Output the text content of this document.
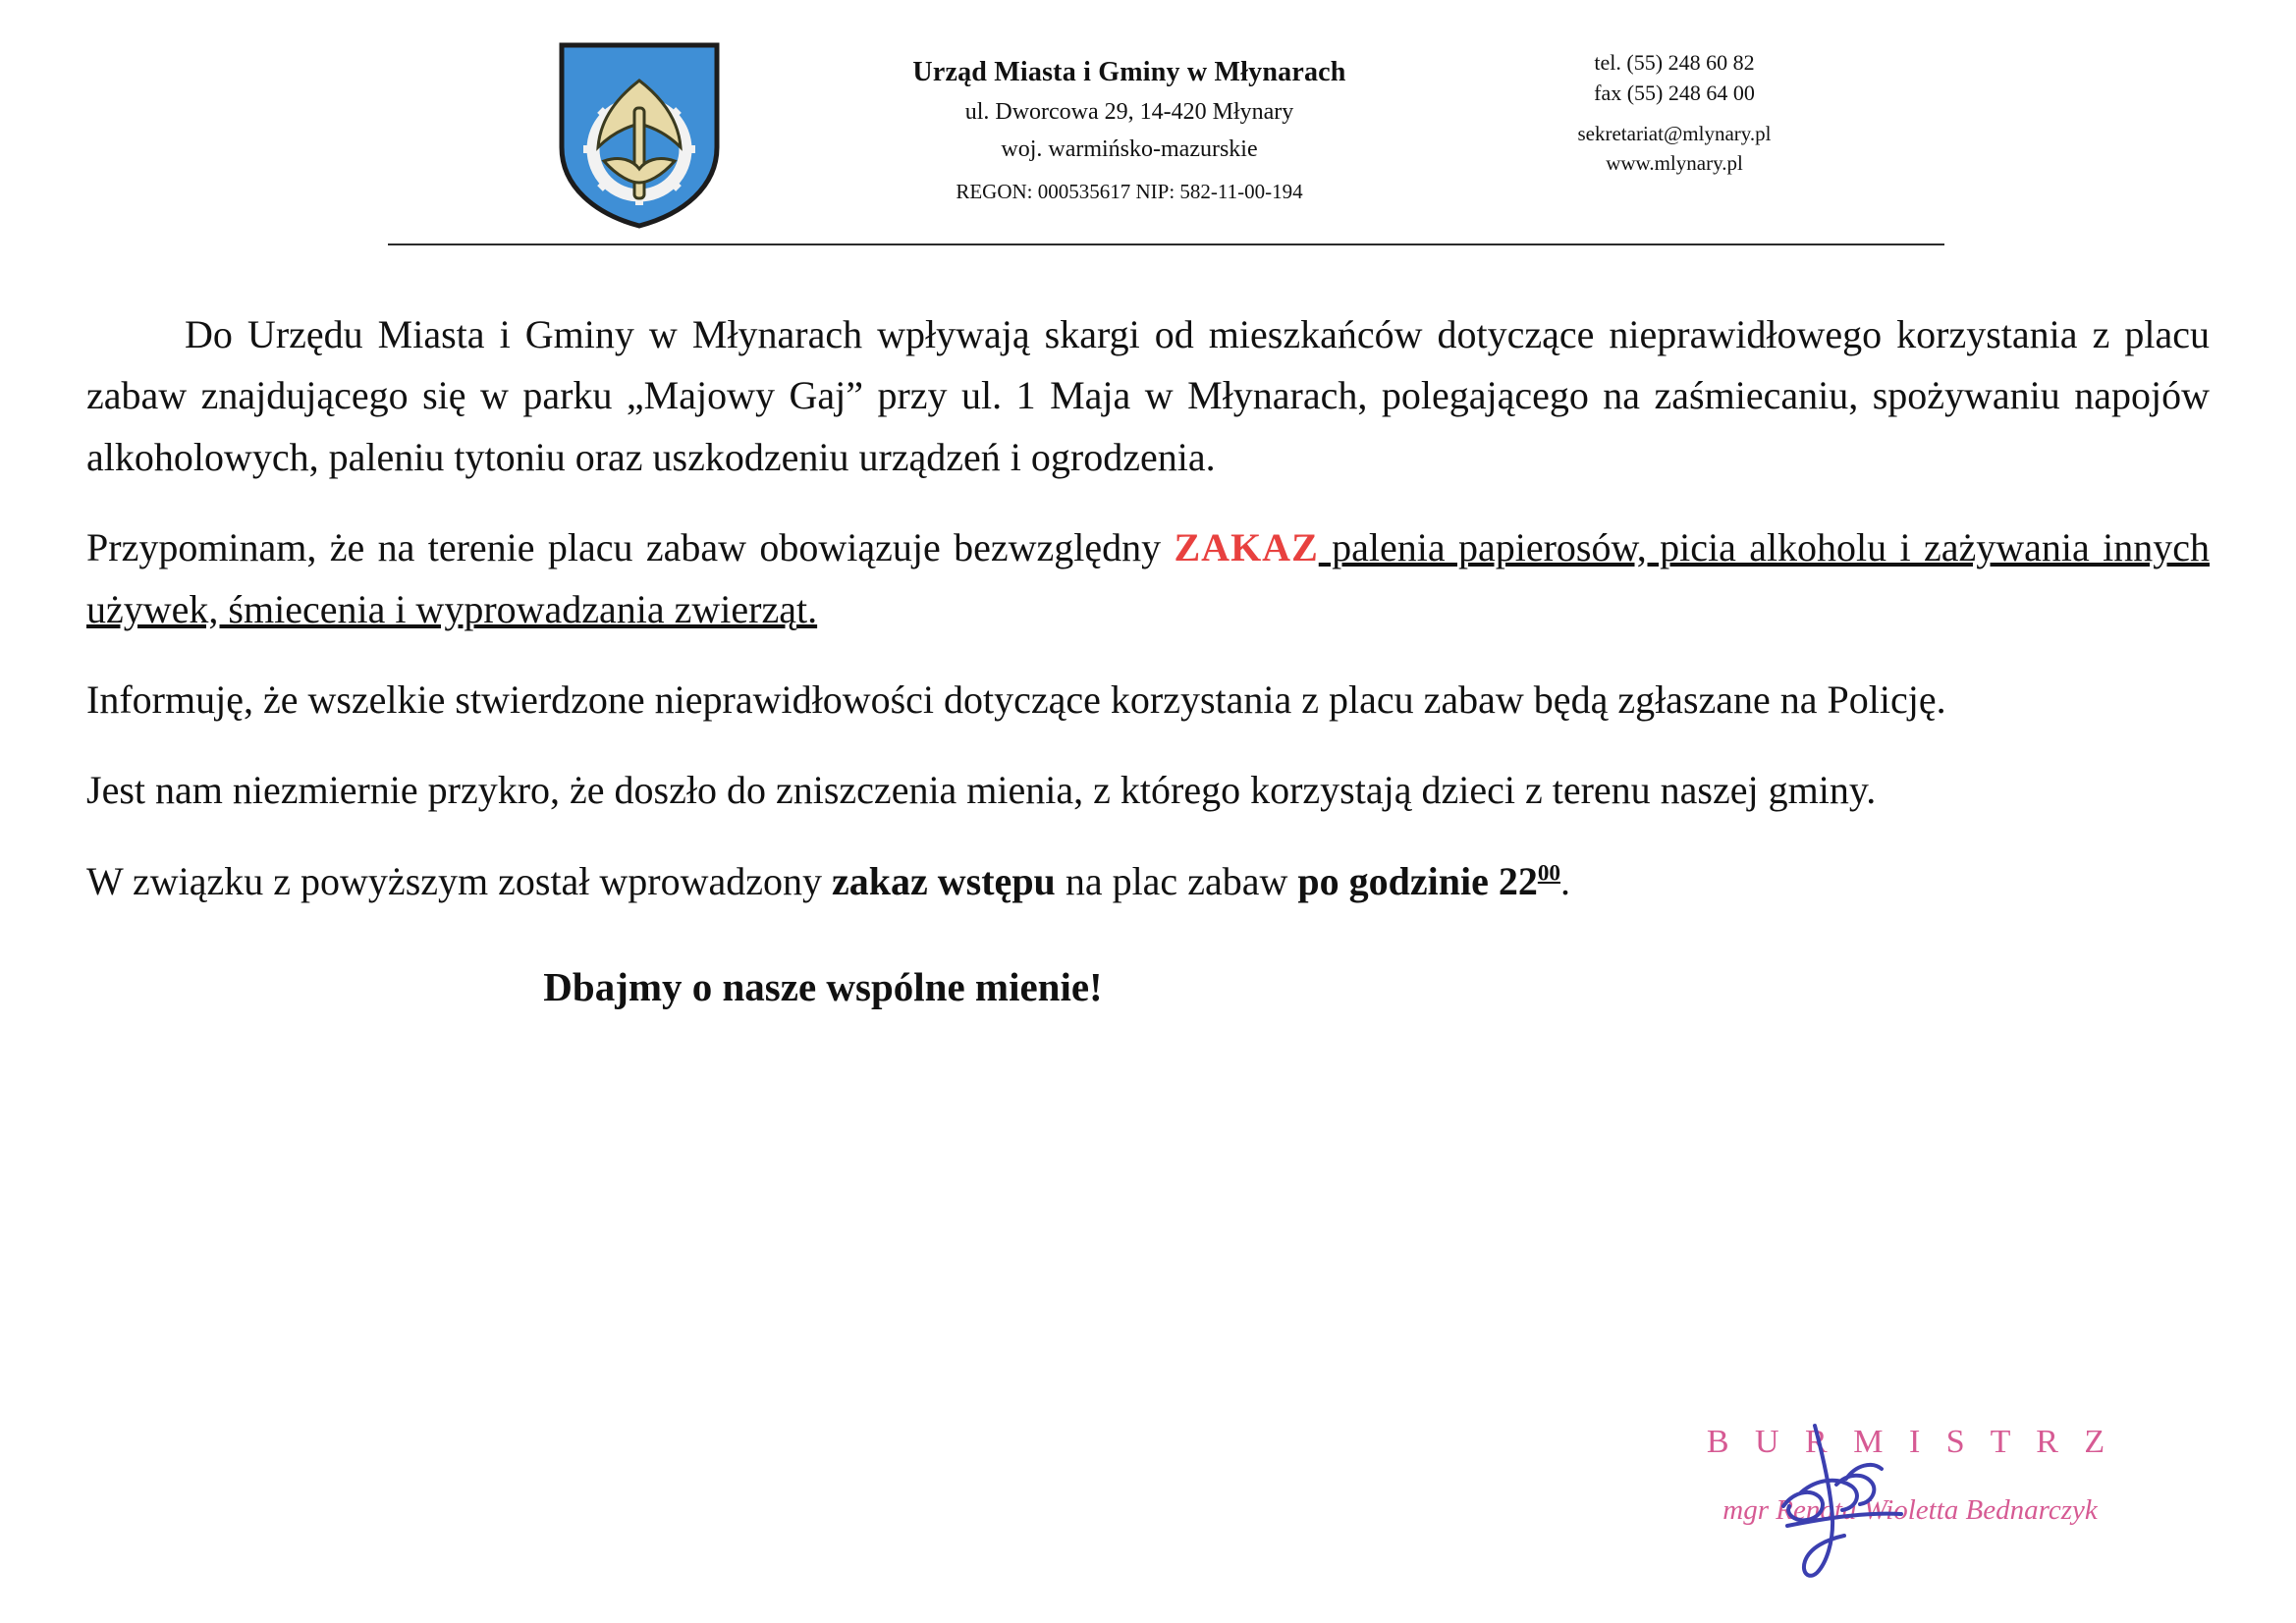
Urząd Miasta i Gminy w Młynarach
ul. Dworcowa 29, 14-420 Młynary
woj. warmińsko-mazurskie
REGON: 000535617 NIP: 582-11-00-194
tel. (55) 248 60 82
fax (55) 248 64 00
sekretariat@mlynary.pl
www.mlynary.pl

Do Urzędu Miasta i Gminy w Młynarach wpływają skargi od mieszkańców dotyczące nieprawidłowego korzystania z placu zabaw znajdującego się w parku „Majowy Gaj” przy ul. 1 Maja w Młynarach, polegającego na zaśmiecaniu, spożywaniu napojów alkoholowych, paleniu tytoniu oraz uszkodzeniu urządzeń i ogrodzenia.

Przypominam, że na terenie placu zabaw obowiązuje bezwzględny ZAKAZ palenia papierosów, picia alkoholu i zażywania innych używek, śmiecenia i wyprowadzania zwierząt.

Informuję, że wszelkie stwierdzone nieprawidłowości dotyczące korzystania z placu zabaw będą zgłaszane na Policję.

Jest nam niezmiernie przykro, że doszło do zniszczenia mienia, z którego korzystają dzieci z terenu naszej gminy.

W związku z powyższym został wprowadzony zakaz wstępu na plac zabaw po godzinie $22^{00}$.

Dbajmy o nasze wspólne mienie!
B U R M I S T R Z
mgr Renata Wioletta Bednarczyk
